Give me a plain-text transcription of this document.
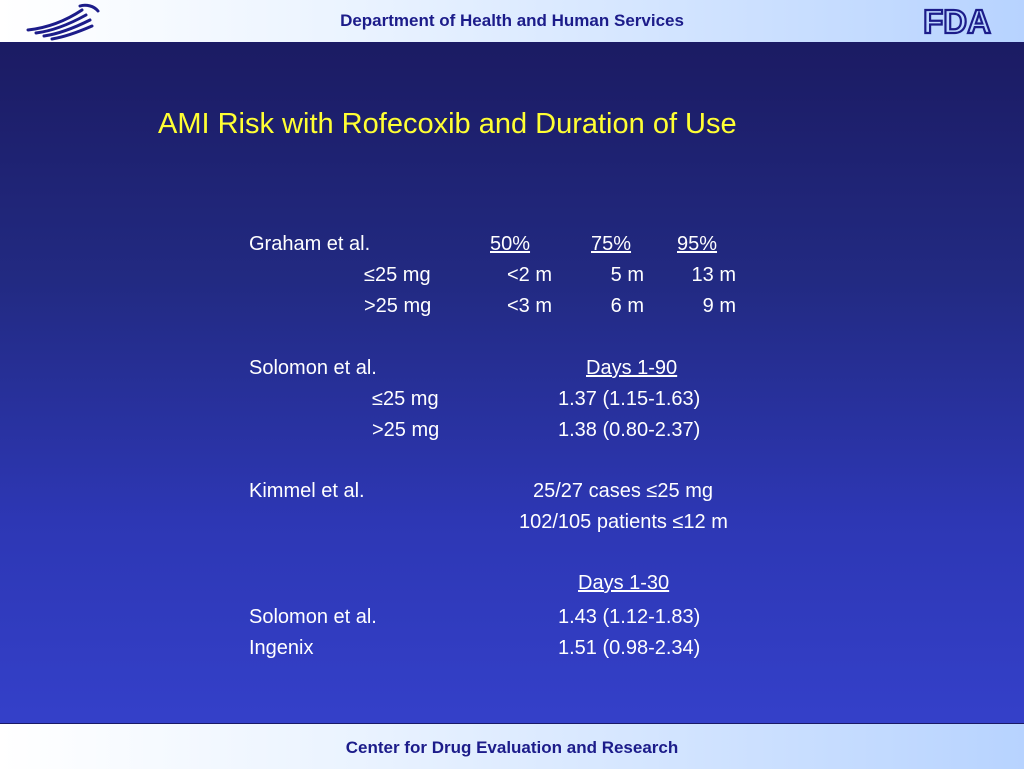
Department of Health and Human Services	FDA
AMI Risk with Rofecoxib and Duration of Use
Graham et al.	50%	75% 95%
≤25 mg	<2 m	5 m	13 m
>25 mg	<3 m	6 m	9 m
Solomon et al.	Days 1-90
≤25 mg	1.37 (1.15-1.63)
>25 mg	1.38 (0.80-2.37)
Kimmel et al.	25/27 cases ≤25 mg
102/105 patients ≤12 m
Days 1-30
Solomon et al.	1.43 (1.12-1.83)
Ingenix	1.51 (0.98-2.34)
Center for Drug Evaluation and Research
